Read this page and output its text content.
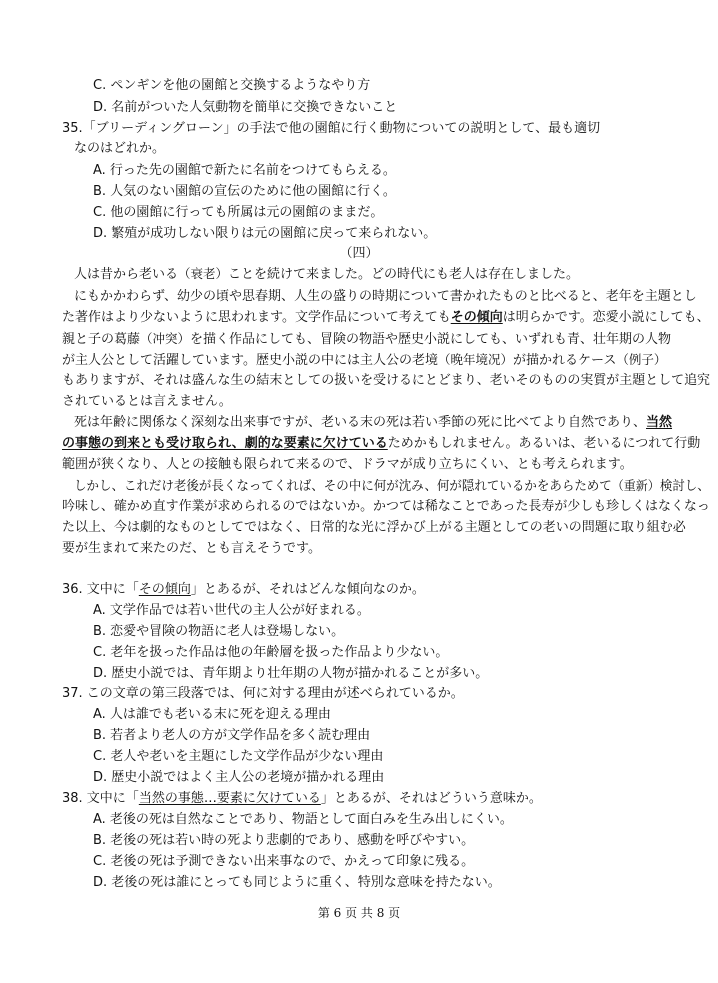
C. ペンギンを他の園館と交換するようなやり方
D. 名前がついた人気動物を簡単に交換できないこと
35.「ブリーディングローン」の手法で他の園館に行く動物についての説明として、最も適切
なのはどれか。
A. 行った先の園館で新たに名前をつけてもらえる。
B. 人気のない園館の宣伝のために他の園館に行く。
C. 他の園館に行っても所属は元の園館のままだ。
D. 繁殖が成功しない限りは元の園館に戻って来られない。
（四）
人は昔から老いる（衰老）ことを続けて来ました。どの時代にも老人は存在しました。
にもかかわらず、幼少の頃や思春期、人生の盛りの時期について書かれたものと比べると、老年を主題とし
た著作はより少ないように思われます。文学作品について考えてもその傾向は明らかです。恋愛小説にしても、
親と子の葛藤（冲突）を描く作品にしても、冒険の物語や歴史小説にしても、いずれも青、壮年期の人物
が主人公として活躍しています。歴史小説の中には主人公の老境（晚年境况）が描かれるケース（例子）
もありますが、それは盛んな生の結末としての扱いを受けるにとどまり、老いそのものの実質が主題として追究
されているとは言えません。
死は年齢に関係なく深刻な出来事ですが、老いる末の死は若い季節の死に比べてより自然であり、当然
の事態の到来とも受け取られ、劇的な要素に欠けているためかもしれません。あるいは、老いるにつれて行動
範囲が狭くなり、人との接触も限られて来るので、ドラマが成り立ちにくい、とも考えられます。
しかし、これだけ老後が長くなってくれば、その中に何が沈み、何が隠れているかをあらためて（重新）検討し、
吟味し、確かめ直す作業が求められるのではないか。かつては稀なことであった長寿が少しも珍しくはなくなっ
た以上、今は劇的なものとしてではなく、日常的な光に浮かび上がる主題としての老いの問題に取り組む必
要が生まれて来たのだ、とも言えそうです。
36. 文中に「その傾向」とあるが、それはどんな傾向なのか。
A. 文学作品では若い世代の主人公が好まれる。
B. 恋愛や冒険の物語に老人は登場しない。
C. 老年を扱った作品は他の年齢層を扱った作品より少ない。
D. 歴史小説では、青年期より壮年期の人物が描かれることが多い。
37. この文章の第三段落では、何に対する理由が述べられているか。
A. 人は誰でも老いる末に死を迎える理由
B. 若者より老人の方が文学作品を多く読む理由
C. 老人や老いを主題にした文学作品が少ない理由
D. 歴史小説ではよく主人公の老境が描かれる理由
38. 文中に「当然の事態…要素に欠けている」とあるが、それはどういう意味か。
A. 老後の死は自然なことであり、物語として面白みを生み出しにくい。
B. 老後の死は若い時の死より悲劇的であり、感動を呼びやすい。
C. 老後の死は予測できない出来事なので、かえって印象に残る。
D. 老後の死は誰にとっても同じように重く、特別な意味を持たない。
第 6 页 共 8 页
